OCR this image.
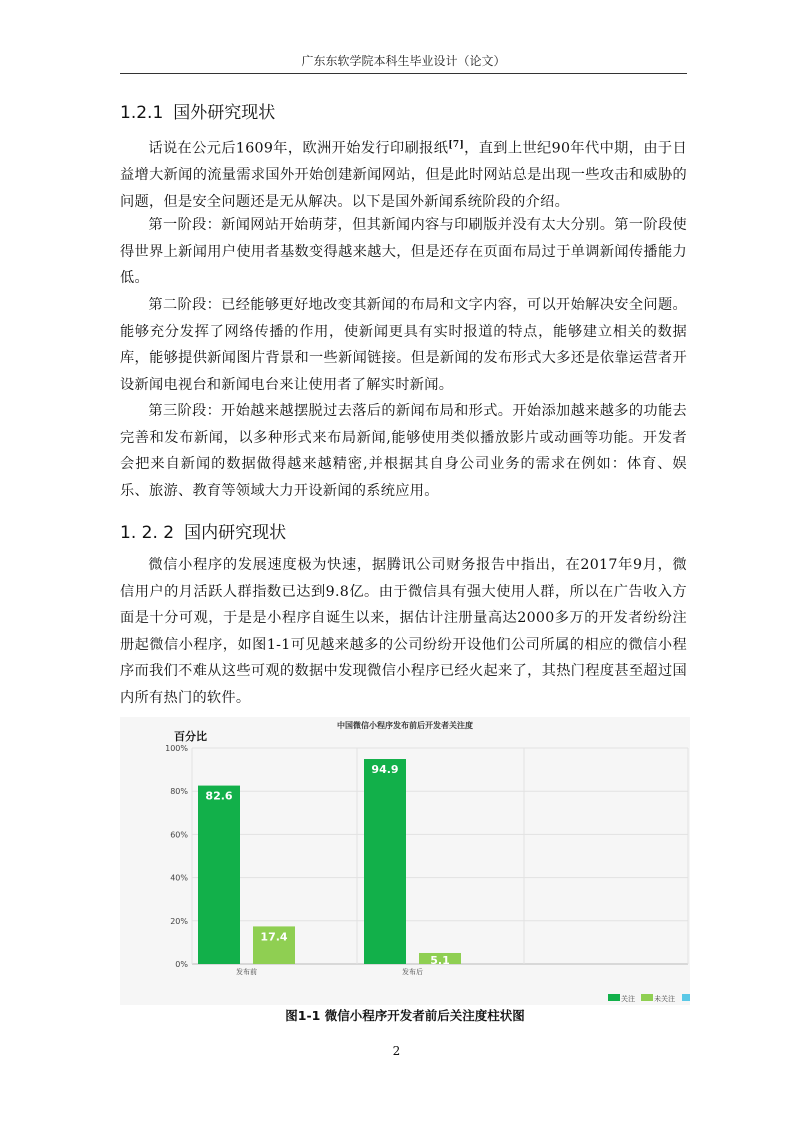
广东东软学院本科生毕业设计（论文）
1.2.1 国外研究现状
话说在公元后1609年，欧洲开始发行印刷报纸[7]，直到上世纪90年代中期，由于日益增大新闻的流量需求国外开始创建新闻网站，但是此时网站总是出现一些攻击和威胁的问题，但是安全问题还是无从解决。以下是国外新闻系统阶段的介绍。
第一阶段：新闻网站开始萌芽，但其新闻内容与印刷版并没有太大分别。第一阶段使得世界上新闻用户使用者基数变得越来越大，但是还存在页面布局过于单调新闻传播能力低。
第二阶段：已经能够更好地改变其新闻的布局和文字内容，可以开始解决安全问题。能够充分发挥了网络传播的作用，使新闻更具有实时报道的特点，能够建立相关的数据库，能够提供新闻图片背景和一些新闻链接。但是新闻的发布形式大多还是依靠运营者开设新闻电视台和新闻电台来让使用者了解实时新闻。
第三阶段：开始越来越摆脱过去落后的新闻布局和形式。开始添加越来越多的功能去完善和发布新闻，以多种形式来布局新闻,能够使用类似播放影片或动画等功能。开发者会把来自新闻的数据做得越来越精密,并根据其自身公司业务的需求在例如：体育、娱乐、旅游、教育等领域大力开设新闻的系统应用。
1. 2. 2 国内研究现状
微信小程序的发展速度极为快速，据腾讯公司财务报告中指出，在2017年9月，微信用户的月活跃人群指数已达到9.8亿。由于微信具有强大使用人群，所以在广告收入方面是十分可观，于是是小程序自诞生以来，据估计注册量高达2000多万的开发者纷纷注册起微信小程序，如图1-1可见越来越多的公司纷纷开设他们公司所属的相应的微信小程序而我们不难从这些可观的数据中发现微信小程序已经火起来了，其热门程度甚至超过国内所有热门的软件。
中国微信小程序发布前后开发者关注度
百分比
0%
20%
40%
60%
80%
100%
82.6
17.4
发布前
94.9
5.1
发布后
关注	未关注
图1-1 微信小程序开发者前后关注度柱状图
2
